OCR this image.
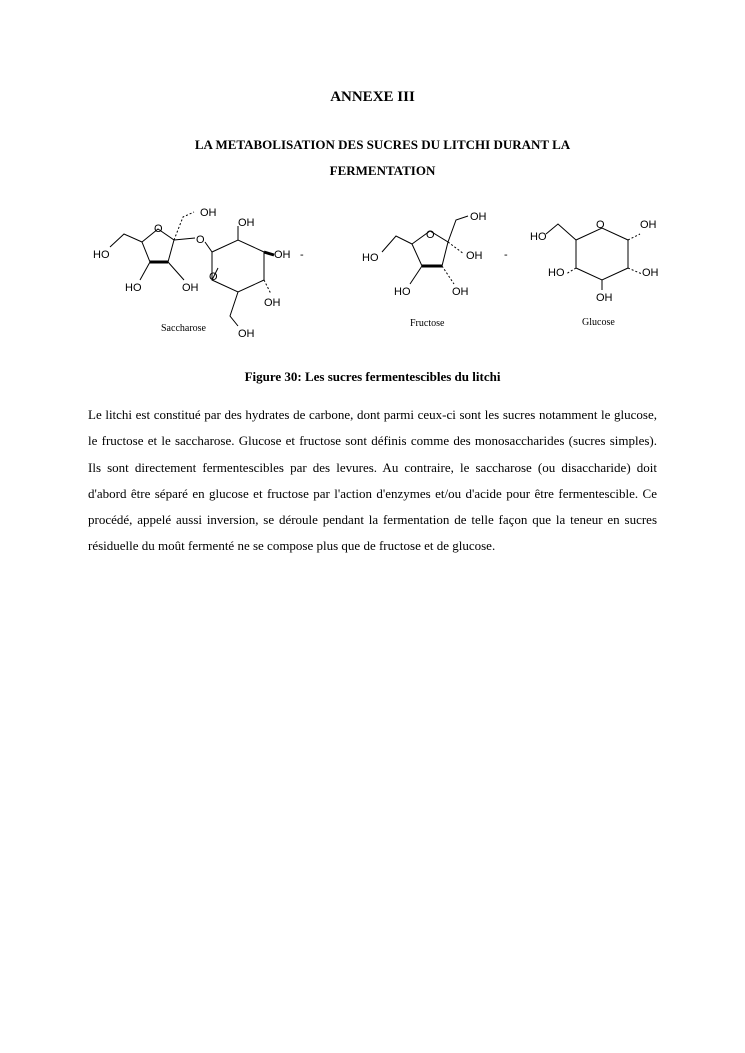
ANNEXE III
LA METABOLISATION DES SUCRES DU LITCHI DURANT LA FERMENTATION
OH
O
O
HO
HO	OH
OH
O
OH
OH
OH
-
OH
O
HO	OH
HO	OH
-
O	OH
HO
HO	OH
OH
Saccharose	Fructose	Glucose

Figure 30: Les sucres fermentescibles du litchi

Le litchi est constitué par des hydrates de carbone, dont parmi ceux-ci sont les sucres notamment le glucose, le fructose et le saccharose. Glucose et fructose sont définis comme des monosaccharides (sucres simples). Ils sont directement fermentescibles par des levures. Au contraire, le saccharose (ou disaccharide) doit d'abord être séparé en glucose et fructose par l'action d'enzymes et/ou d'acide pour être fermentescible. Ce procédé, appelé aussi inversion, se déroule pendant la fermentation de telle façon que la teneur en sucres résiduelle du moût fermenté ne se compose plus que de fructose et de glucose.
